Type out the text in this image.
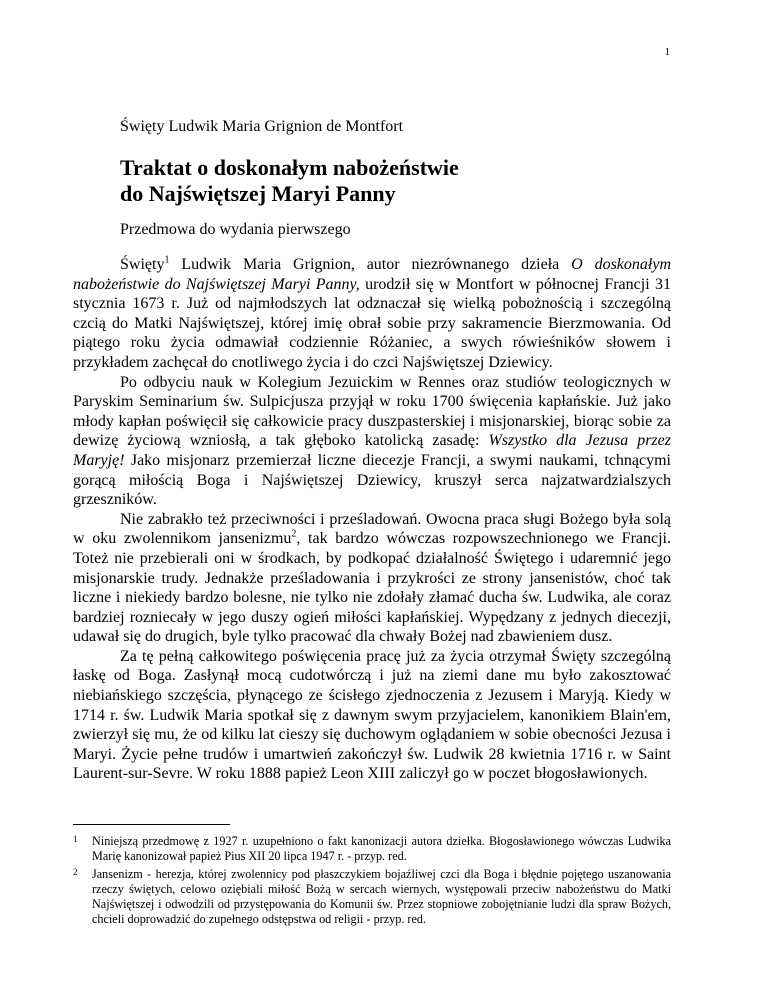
1
Święty Ludwik Maria Grignion de Montfort
Traktat o doskonałym nabożeństwie
do Najświętszej Maryi Panny
Przedmowa do wydania pierwszego

Święty$^1$ Ludwik Maria Grignion, autor niezrównanego dzieła O doskonałym nabożeństwie do Najświętszej Maryi Panny, urodził się w Montfort w północnej Francji 31 stycznia 1673 r. Już od najmłodszych lat odznaczał się wielką pobożnością i szczególną czcią do Matki Najświętszej, której imię obrał sobie przy sakramencie Bierzmowania. Od piątego roku życia odmawiał codziennie Różaniec, a swych rówieśników słowem i przykładem zachęcał do cnotliwego życia i do czci Najświętszej Dziewicy.

Po odbyciu nauk w Kolegium Jezuickim w Rennes oraz studiów teologicznych w Paryskim Seminarium św. Sulpicjusza przyjął w roku 1700 święcenia kapłańskie. Już jako młody kapłan poświęcił się całkowicie pracy duszpasterskiej i misjonarskiej, biorąc sobie za dewizę życiową wzniosłą, a tak głęboko katolicką zasadę: Wszystko dla Jezusa przez Maryję! Jako misjonarz przemierzał liczne diecezje Francji, a swymi naukami, tchnącymi gorącą miłością Boga i Najświętszej Dziewicy, kruszył serca najzatwardzialszych grzeszników.

Nie zabrakło też przeciwności i prześladowań. Owocna praca sługi Bożego była solą w oku zwolennikom jansenizmu$^2$, tak bardzo wówczas rozpowszechnionego we Francji. Toteż nie przebierali oni w środkach, by podkopać działalność Świętego i udaremnić jego misjonarskie trudy. Jednakże prześladowania i przykrości ze strony jansenistów, choć tak liczne i niekiedy bardzo bolesne, nie tylko nie zdołały złamać ducha św. Ludwika, ale coraz bardziej rozniecały w jego duszy ogień miłości kapłańskiej. Wypędzany z jednych diecezji, udawał się do drugich, byle tylko pracować dla chwały Bożej nad zbawieniem dusz.

Za tę pełną całkowitego poświęcenia pracę już za życia otrzymał Święty szczególną łaskę od Boga. Zasłynął mocą cudotwórczą i już na ziemi dane mu było zakosztować niebiańskiego szczęścia, płynącego ze ścisłego zjednoczenia z Jezusem i Maryją. Kiedy w 1714 r. św. Ludwik Maria spotkał się z dawnym swym przyjacielem, kanonikiem Blain'em, zwierzył się mu, że od kilku lat cieszy się duchowym oglądaniem w sobie obecności Jezusa i Maryi. Życie pełne trudów i umartwień zakończył św. Ludwik 28 kwietnia 1716 r. w Saint Laurent-sur-Sevre. W roku 1888 papież Leon XIII zaliczył go w poczet błogosławionych.

1 Niniejszą przedmowę z 1927 r. uzupełniono o fakt kanonizacji autora dziełka. Błogosławionego wówczas Ludwika Marię kanonizował papież Pius XII 20 lipca 1947 r. - przyp. red.

2 Jansenizm - herezja, której zwolennicy pod płaszczykiem bojaźliwej czci dla Boga i błędnie pojętego uszanowania rzeczy świętych, celowo oziębiali miłość Bożą w sercach wiernych, występowali przeciw nabożeństwu do Matki Najświętszej i odwodzili od przystępowania do Komunii św. Przez stopniowe zobojętnianie ludzi dla spraw Bożych, chcieli doprowadzić do zupełnego odstępstwa od religii - przyp. red.
